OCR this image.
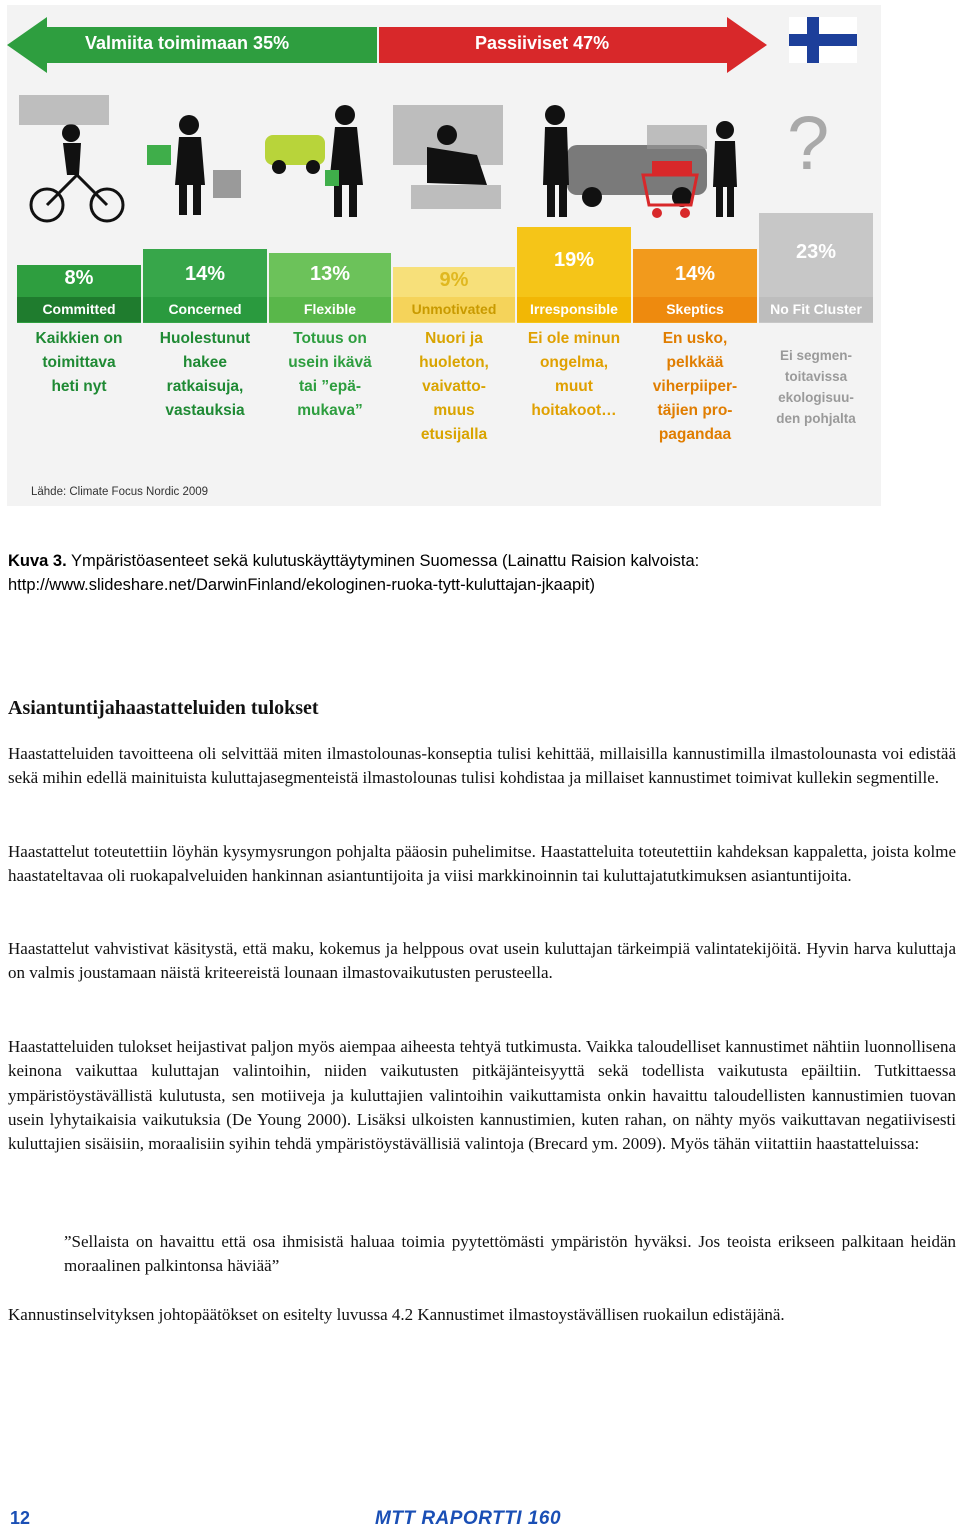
Valmiita toimimaan 35%	Passiiviset 47%
?
8%
Committed
Kaikkien on
toimittava
heti nyt
14%
Concerned
Huolestunut
hakee
ratkaisuja,
vastauksia
13%
Flexible
Totuus on
usein ikävä
tai ”epä-
mukava”
9%
Unmotivated
Nuori ja
huoleton,
vaivatto-
muus
etusijalla
19%
Irresponsible
Ei ole minun
ongelma,
muut
hoitakoot…
14%
Skeptics
En usko,
pelkkää
viherpiiper-
täjien pro-
pagandaa
23%
No Fit Cluster
Ei segmen-
toitavissa
ekologisuu-
den pohjalta
Lähde: Climate Focus Nordic 2009
Kuva 3. Ympäristöasenteet sekä kulutuskäyttäytyminen Suomessa (Lainattu Raision kalvoista:
http://www.slideshare.net/DarwinFinland/ekologinen-ruoka-tytt-kuluttajan-jkaapit)
Asiantuntijahaastatteluiden tulokset

Haastatteluiden tavoitteena oli selvittää miten ilmastolounas-konseptia tulisi kehittää, millaisilla kannustimilla ilmastolounasta voi edistää sekä mihin edellä mainituista kuluttajasegmenteistä ilmastolounas tulisi kohdistaa ja millaiset kannustimet toimivat kullekin segmentille.

Haastattelut toteutettiin löyhän kysymysrungon pohjalta pääosin puhelimitse. Haastatteluita toteutettiin kahdeksan kappaletta, joista kolme haastateltavaa oli ruokapalveluiden hankinnan asiantuntijoita ja viisi markkinoinnin tai kuluttajatutkimuksen asiantuntijoita.

Haastattelut vahvistivat käsitystä, että maku, kokemus ja helppous ovat usein kuluttajan tärkeimpiä valintatekijöitä. Hyvin harva kuluttaja on valmis joustamaan näistä kriteereistä lounaan ilmastovaikutusten perusteella.

Haastatteluiden tulokset heijastivat paljon myös aiempaa aiheesta tehtyä tutkimusta. Vaikka taloudelliset kannustimet nähtiin luonnollisena keinona vaikuttaa kuluttajan valintoihin, niiden vaikutusten pitkäjänteisyyttä sekä todellista vaikutusta epäiltiin. Tutkittaessa ympäristöystävällistä kulutusta, sen motiiveja ja kuluttajien valintoihin vaikuttamista onkin havaittu taloudellisten kannustimien tuovan usein lyhytaikaisia vaikutuksia (De Young 2000). Lisäksi ulkoisten kannustimien, kuten rahan, on nähty myös vaikuttavan negatiivisesti kuluttajien sisäisiin, moraalisiin syihin tehdä ympäristöystävällisiä valintoja (Brecard ym. 2009). Myös tähän viitattiin haastatteluissa:

”Sellaista on havaittu että osa ihmisistä haluaa toimia pyytettömästi ympäristön hyväksi. Jos teoista erikseen palkitaan heidän moraalinen palkintonsa häviää”

Kannustinselvityksen johtopäätökset on esitelty luvussa 4.2 Kannustimet ilmastoystävällisen ruokailun edistäjänä.

12	MTT RAPORTTI 160
